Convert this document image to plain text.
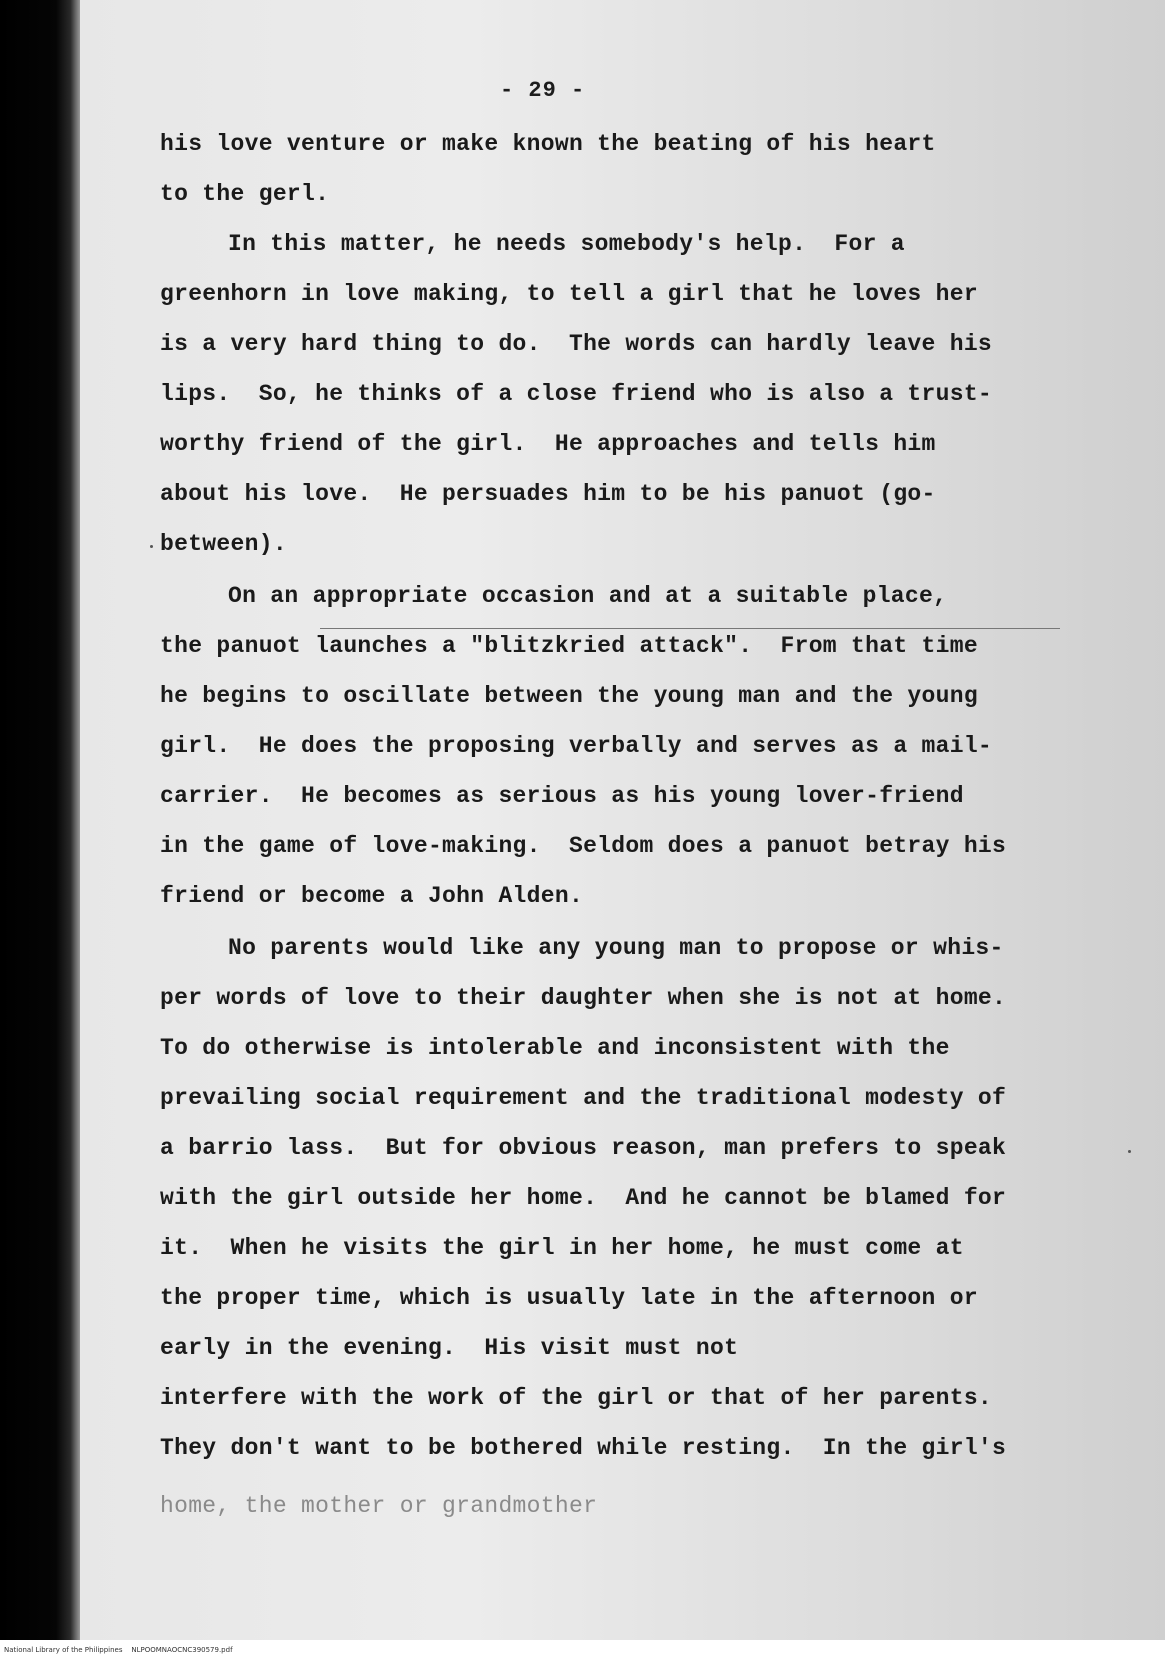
- 29 -
his love venture or make known the beating of his heart
to the gerl.
In this matter, he needs somebody's help.  For a
greenhorn in love making, to tell a girl that he loves her
is a very hard thing to do.  The words can hardly leave his
lips.  So, he thinks of a close friend who is also a trust-
worthy friend of the girl.  He approaches and tells him
about his love.  He persuades him to be his panuot (go-
between).
On an appropriate occasion and at a suitable place,
the panuot launches a "blitzkried attack".  From that time
he begins to oscillate between the young man and the young
girl.  He does the proposing verbally and serves as a mail-
carrier.  He becomes as serious as his young lover-friend
in the game of love-making.  Seldom does a panuot betray his
friend or become a John Alden.
No parents would like any young man to propose or whis-
per words of love to their daughter when she is not at home.
To do otherwise is intolerable and inconsistent with the
prevailing social requirement and the traditional modesty of
a barrio lass.  But for obvious reason, man prefers to speak
with the girl outside her home.  And he cannot be blamed for
it.  When he visits the girl in her home, he must come at
the proper time, which is usually late in the afternoon or
early in the evening.  His visit must not
interfere with the work of the girl or that of her parents.
They don't want to be bothered while resting.  In the girl's
home, the mother or grandmother
National Library of the Philippines    NLPOOMNAOCNC390579.pdf
